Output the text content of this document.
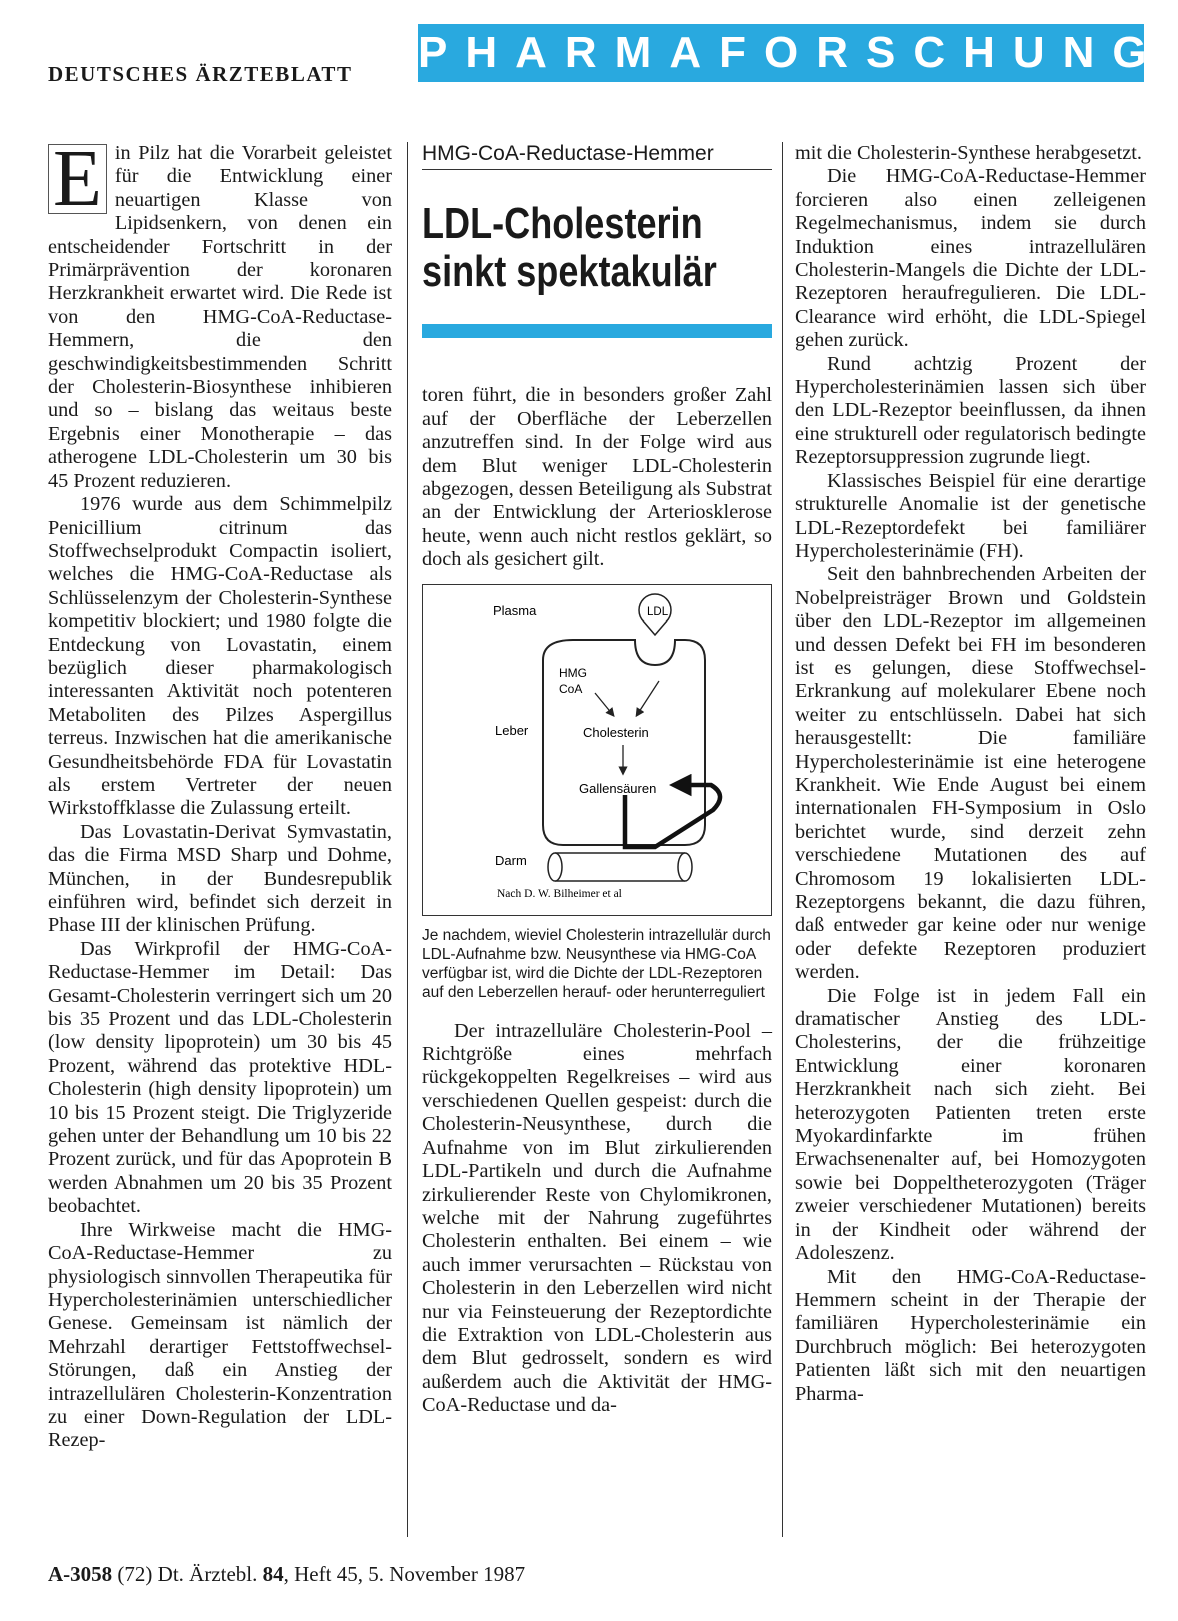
DEUTSCHES ÄRZTEBLATT PHARMAFORSCHUNG

E in Pilz hat die Vorarbeit geleistet für die Entwicklung einer neuartigen Klasse von Lipidsenkern, von denen ein entscheidender Fortschritt in der Primärprävention der koronaren Herzkrankheit erwartet wird. Die Rede ist von den HMG-CoA-Reductase-Hemmern, die den geschwindigkeitsbestimmenden Schritt der Cholesterin-Biosynthese inhibieren und so – bislang das weitaus beste Ergebnis einer Monotherapie – das atherogene LDL-Cholesterin um 30 bis 45 Prozent reduzieren.

1976 wurde aus dem Schimmelpilz Penicillium citrinum das Stoffwechselprodukt Compactin isoliert, welches die HMG-CoA-Reductase als Schlüsselenzym der Cholesterin-Synthese kompetitiv blockiert; und 1980 folgte die Entdeckung von Lovastatin, einem bezüglich dieser pharmakologisch interessanten Aktivität noch potenteren Metaboliten des Pilzes Aspergillus terreus. Inzwischen hat die amerikanische Gesundheitsbehörde FDA für Lovastatin als erstem Vertreter der neuen Wirkstoffklasse die Zulassung erteilt.

Das Lovastatin-Derivat Symvastatin, das die Firma MSD Sharp und Dohme, München, in der Bundesrepublik einführen wird, befindet sich derzeit in Phase III der klinischen Prüfung.

Das Wirkprofil der HMG-CoA-Reductase-Hemmer im Detail: Das Gesamt-Cholesterin verringert sich um 20 bis 35 Prozent und das LDL-Cholesterin (low density lipoprotein) um 30 bis 45 Prozent, während das protektive HDL-Cholesterin (high density lipoprotein) um 10 bis 15 Prozent steigt. Die Triglyzeride gehen unter der Behandlung um 10 bis 22 Prozent zurück, und für das Apoprotein B werden Abnahmen um 20 bis 35 Prozent beobachtet.

Ihre Wirkweise macht die HMG-CoA-Reductase-Hemmer zu physiologisch sinnvollen Therapeutika für Hypercholesterinämien unterschiedlicher Genese. Gemeinsam ist nämlich der Mehrzahl derartiger Fettstoffwechsel-Störungen, daß ein Anstieg der intrazellulären Cholesterin-Konzentration zu einer Down-Regulation der LDL-Rezep-

HMG-CoA-Reductase-Hemmer
LDL-Cholesterin
sinkt spektakulär

toren führt, die in besonders großer Zahl auf der Oberfläche der Leberzellen anzutreffen sind. In der Folge wird aus dem Blut weniger LDL-Cholesterin abgezogen, dessen Beteiligung als Substrat an der Entwicklung der Arteriosklerose heute, wenn auch nicht restlos geklärt, so doch als gesichert gilt.

Plasma	LDL
HMG
CoA
Leber	Cholesterin
Gallensäuren
Darm
Nach D. W. Bilheimer et al
Je nachdem, wieviel Cholesterin intrazellulär durch LDL-Aufnahme bzw. Neusynthese via HMG-CoA verfügbar ist, wird die Dichte der LDL-Rezeptoren auf den Leberzellen herauf- oder herunterreguliert

Der intrazelluläre Cholesterin-Pool – Richtgröße eines mehrfach rückgekoppelten Regelkreises – wird aus verschiedenen Quellen gespeist: durch die Cholesterin-Neusynthese, durch die Aufnahme von im Blut zirkulierenden LDL-Partikeln und durch die Aufnahme zirkulierender Reste von Chylomikronen, welche mit der Nahrung zugeführtes Cholesterin enthalten. Bei einem – wie auch immer verursachten – Rückstau von Cholesterin in den Leberzellen wird nicht nur via Feinsteuerung der Rezeptordichte die Extraktion von LDL-Cholesterin aus dem Blut gedrosselt, sondern es wird außerdem auch die Aktivität der HMG-CoA-Reductase und da-

mit die Cholesterin-Synthese herabgesetzt.

Die HMG-CoA-Reductase-Hemmer forcieren also einen zelleigenen Regelmechanismus, indem sie durch Induktion eines intrazellulären Cholesterin-Mangels die Dichte der LDL-Rezeptoren heraufregulieren. Die LDL-Clearance wird erhöht, die LDL-Spiegel gehen zurück.

Rund achtzig Prozent der Hypercholesterinämien lassen sich über den LDL-Rezeptor beeinflussen, da ihnen eine strukturell oder regulatorisch bedingte Rezeptorsuppression zugrunde liegt.

Klassisches Beispiel für eine derartige strukturelle Anomalie ist der genetische LDL-Rezeptordefekt bei familiärer Hypercholesterinämie (FH).

Seit den bahnbrechenden Arbeiten der Nobelpreisträger Brown und Goldstein über den LDL-Rezeptor im allgemeinen und dessen Defekt bei FH im besonderen ist es gelungen, diese Stoffwechsel-Erkrankung auf molekularer Ebene noch weiter zu entschlüsseln. Dabei hat sich herausgestellt: Die familiäre Hypercholesterinämie ist eine heterogene Krankheit. Wie Ende August bei einem internationalen FH-Symposium in Oslo berichtet wurde, sind derzeit zehn verschiedene Mutationen des auf Chromosom 19 lokalisierten LDL-Rezeptorgens bekannt, die dazu führen, daß entweder gar keine oder nur wenige oder defekte Rezeptoren produziert werden.

Die Folge ist in jedem Fall ein dramatischer Anstieg des LDL-Cholesterins, der die frühzeitige Entwicklung einer koronaren Herzkrankheit nach sich zieht. Bei heterozygoten Patienten treten erste Myokardinfarkte im frühen Erwachsenenalter auf, bei Homozygoten sowie bei Doppeltheterozygoten (Träger zweier verschiedener Mutationen) bereits in der Kindheit oder während der Adoleszenz.

Mit den HMG-CoA-Reductase-Hemmern scheint in der Therapie der familiären Hypercholesterinämie ein Durchbruch möglich: Bei heterozygoten Patienten läßt sich mit den neuartigen Pharma-

A-3058 (72) Dt. Ärztebl. 84, Heft 45, 5. November 1987
